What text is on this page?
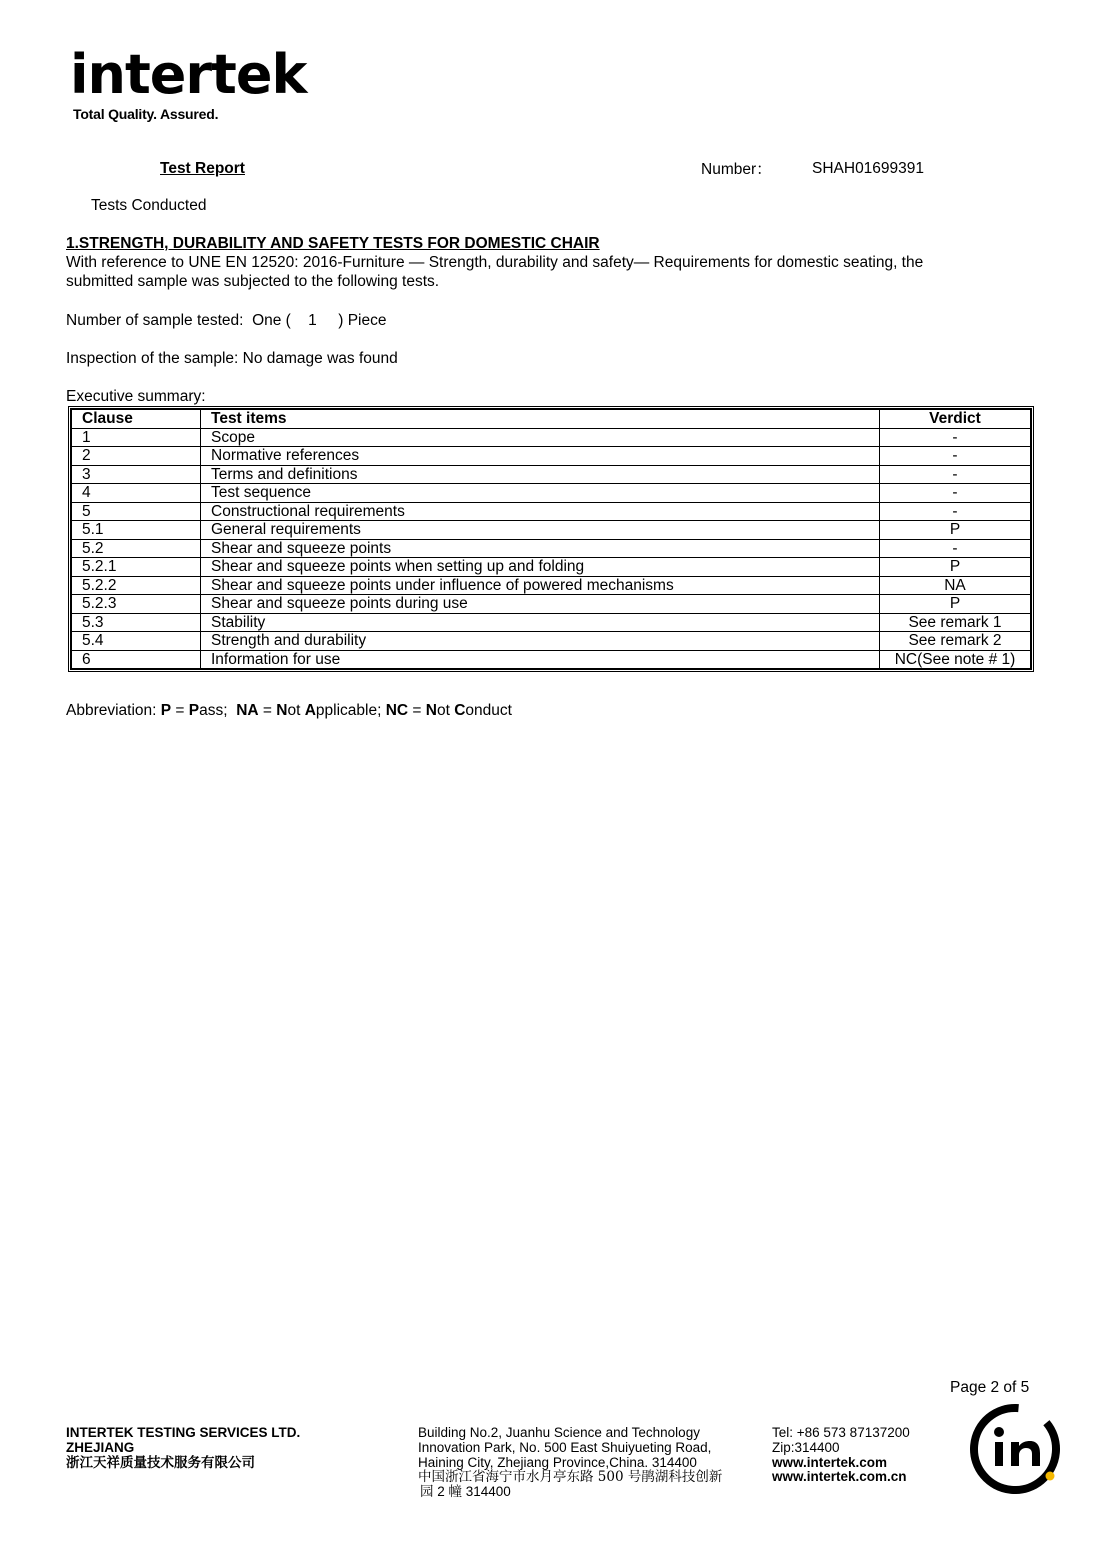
intertek
Total Quality. Assured.
Test Report	Number：	SHAH01699391
Tests Conducted
1.STRENGTH, DURABILITY AND SAFETY TESTS FOR DOMESTIC CHAIR
With reference to UNE EN 12520: 2016-Furniture — Strength, durability and safety— Requirements for domestic seating, the
submitted sample was subjected to the following tests.
Number of sample tested:  One (    1     ) Piece
Inspection of the sample: No damage was found
Executive summary:
Clause	Test items	Verdict
1	Scope	-
2	Normative references	-
3	Terms and definitions	-
4	Test sequence	-
5	Constructional requirements	-
5.1	General requirements	P
5.2	Shear and squeeze points	-
5.2.1	Shear and squeeze points when setting up and folding	P
5.2.2	Shear and squeeze points under influence of powered mechanisms	NA
5.2.3	Shear and squeeze points during use	P
5.3	Stability	See remark 1
5.4	Strength and durability	See remark 2
6	Information for use	NC(See note # 1)
Abbreviation: P = Pass;  NA = Not Applicable; NC = Not Conduct
Page 2 of 5
INTERTEK TESTING SERVICES LTD.
ZHEJIANG
浙江天祥质量技术服务有限公司
Building No.2, Juanhu Science and Technology
Innovation Park, No. 500 East Shuiyueting Road,
Haining City, Zhejiang Province,China. 314400
中国浙江省海宁市水月亭东路 500 号鹃湖科技创新
园 2 幢 314400
Tel: +86 573 87137200
Zip:314400
www.intertek.com
www.intertek.com.cn
